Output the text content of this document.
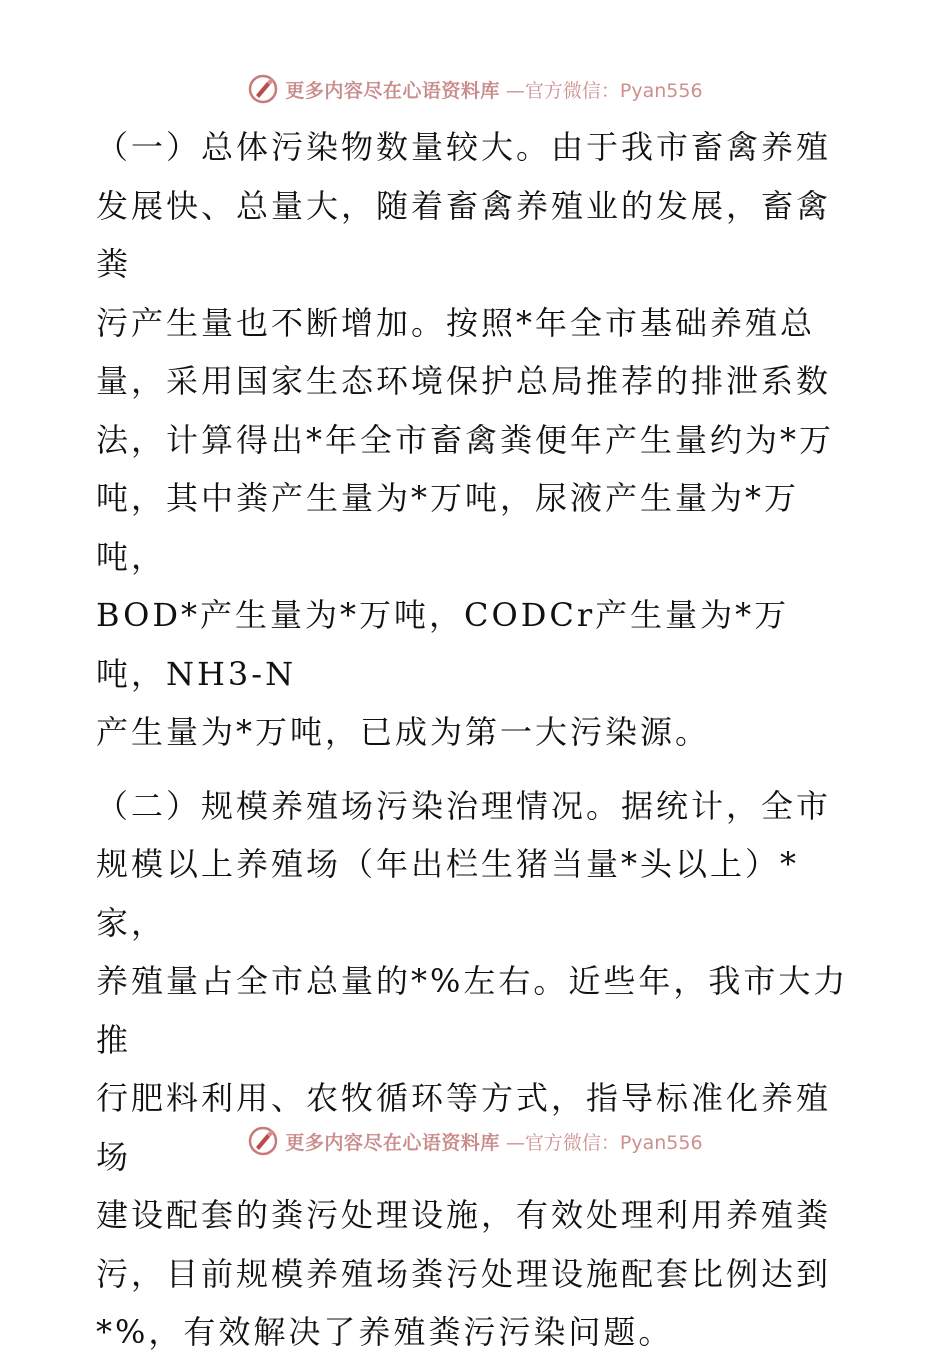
更多内容尽在心语资料库 —官方微信：Pyan556

（一）总体污染物数量较大。由于我市畜禽养殖

发展快、总量大，随着畜禽养殖业的发展，畜禽粪

污产生量也不断增加。按照*年全市基础养殖总

量，采用国家生态环境保护总局推荐的排泄系数

法，计算得出*年全市畜禽粪便年产生量约为*万

吨，其中粪产生量为*万吨，尿液产生量为*万吨，

BOD*产生量为*万吨，CODCr产生量为*万吨，NH3-N

产生量为*万吨，已成为第一大污染源。

（二）规模养殖场污染治理情况。据统计，全市

规模以上养殖场（年出栏生猪当量*头以上）*家，

养殖量占全市总量的*%左右。近些年，我市大力推

行肥料利用、农牧循环等方式，指导标准化养殖场

建设配套的粪污处理设施，有效处理利用养殖粪

污，目前规模养殖场粪污处理设施配套比例达到

*%，有效解决了养殖粪污污染问题。

更多内容尽在心语资料库 —官方微信：Pyan556
